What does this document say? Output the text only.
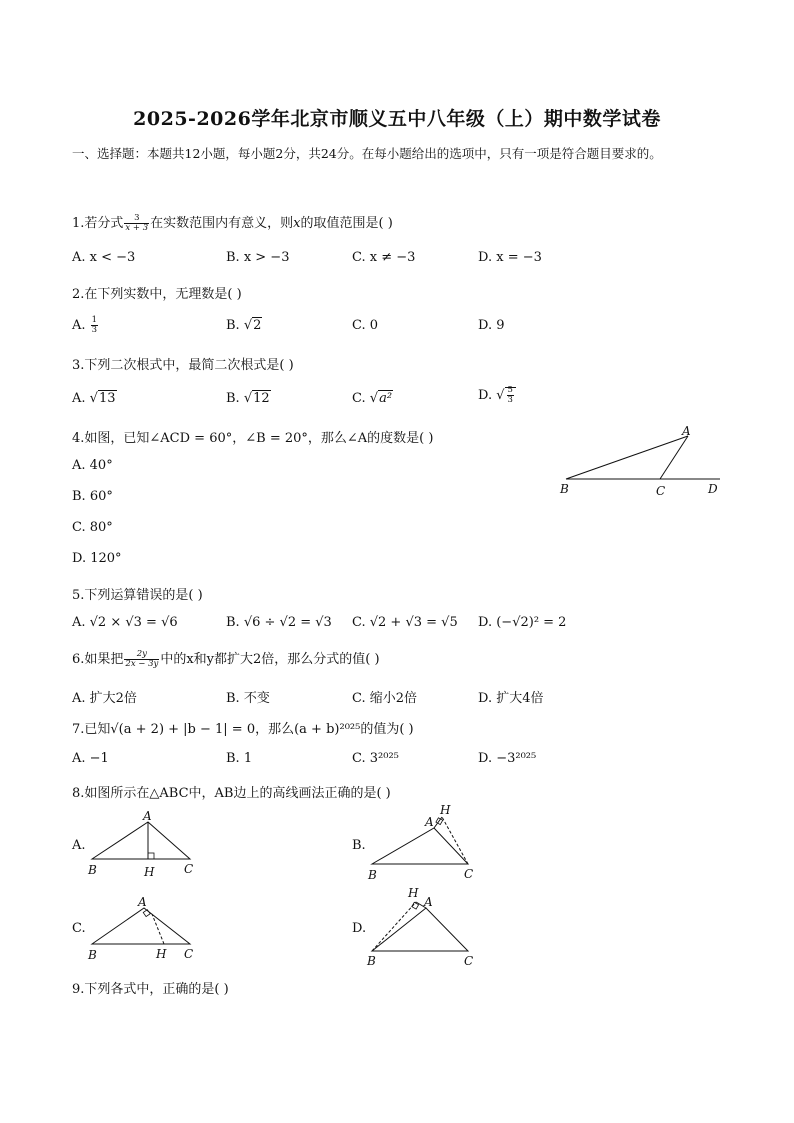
2025-2026学年北京市顺义五中八年级（上）期中数学试卷
一、选择题：本题共12小题，每小题2分，共24分。在每小题给出的选项中，只有一项是符合题目要求的。
1.若分式 $\frac{3}{x + 3}$ 在实数范围内有意义，则x的取值范围是( )
A. x < −3	B. x > −3	C. x ≠ −3	D. x = −3
2.在下列实数中，无理数是( )
A. $\frac{1}{3}$	B. √2	C. 0	D. 9
3.下列二次根式中，最简二次根式是( )
A. √13	B. √12	C. √a²	D. √ $\frac{5}{3}$
4.如图，已知∠ACD = 60°，∠B = 20°，那么∠A的度数是( )
A. 40°
B. 60°
C. 80°
D. 120°
A
B	C	D
5.下列运算错误的是( )
A. √2 × √3 = √6	B. √6 ÷ √2 = √3 C. √2 + √3 = √5 D. (−√2)² = 2
6.如果把 $\frac{2y}{2x - 3y}$ 中的x和y都扩大2倍，那么分式的值( )
A. 扩大2倍	B. 不变	C. 缩小2倍	D. 扩大4倍
7.已知√(a + 2) + |b − 1| = 0，那么(a + b)²⁰²⁵的值为( )
A. −1	B. 1	C. 3²⁰²⁵	D. −3²⁰²⁵
8.如图所示在△ABC中，AB边上的高线画法正确的是( )
A.
A
B	C
H
B.
A
B	C
H
C.
A
B	C
H
D.
A
B	C
H
9.下列各式中，正确的是( )
